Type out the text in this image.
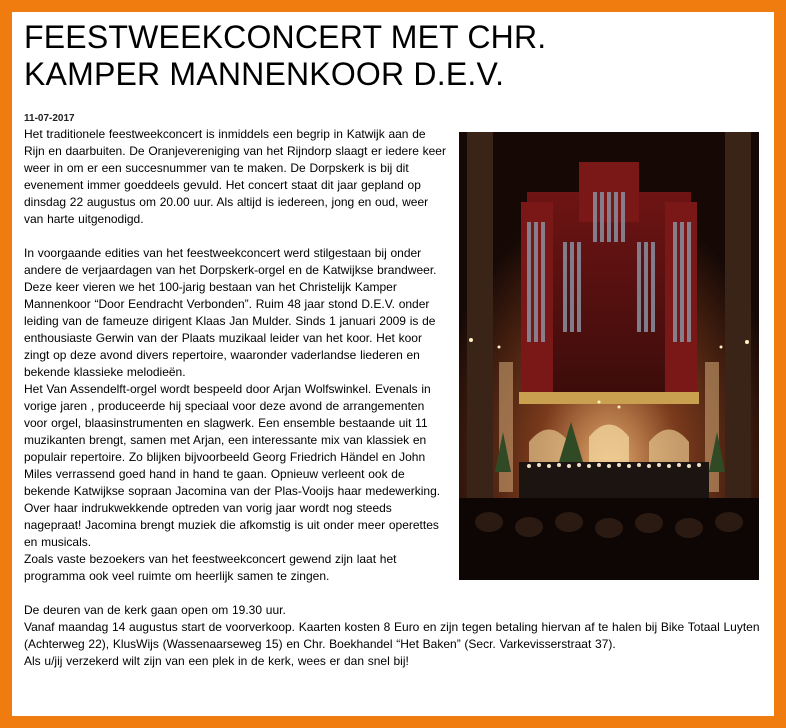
FEESTWEEKCONCERT MET CHR.
KAMPER MANNENKOOR D.E.V.
11-07-2017

Het traditionele feestweekconcert is inmiddels een begrip in Katwijk aan de Rijn en daarbuiten. De Oranjevereniging van het Rijndorp slaagt er iedere keer weer in om er een succesnummer van te maken. De Dorpskerk is bij dit evenement immer goeddeels gevuld. Het concert staat dit jaar gepland op dinsdag 22 augustus om 20.00 uur. Als altijd is iedereen, jong en oud, weer van harte uitgenodigd.

In voorgaande edities van het feestweekconcert werd stilgestaan bij onder andere de verjaardagen van het Dorpskerk-orgel en de Katwijkse brandweer.

Deze keer vieren we het 100-jarig bestaan van het Christelijk Kamper Mannenkoor “Door Eendracht Verbonden”. Ruim 48 jaar stond D.E.V. onder leiding van de fameuze dirigent Klaas Jan Mulder. Sinds 1 januari 2009 is de enthousiaste Gerwin van der Plaats muzikaal leider van het koor. Het koor zingt op deze avond divers repertoire, waaronder vaderlandse liederen en bekende klassieke melodieën.

Het Van Assendelft-orgel wordt bespeeld door Arjan Wolfswinkel. Evenals in vorige jaren , produceerde hij speciaal voor deze avond de arrangementen voor orgel, blaasinstrumenten en slagwerk. Een ensemble bestaande uit 11 muzikanten brengt, samen met Arjan, een interessante mix van klassiek en populair repertoire. Zo blijken bijvoorbeeld Georg Friedrich Händel en John Miles verrassend goed hand in hand te gaan. Opnieuw verleent ook de bekende Katwijkse sopraan Jacomina van der Plas-Vooijs haar medewerking. Over haar indrukwekkende optreden van vorig jaar wordt nog steeds nagepraat! Jacomina brengt muziek die afkomstig is uit onder meer operettes en musicals.

Zoals vaste bezoekers van het feestweekconcert gewend zijn laat het programma ook veel ruimte om heerlijk samen te zingen.

De deuren van de kerk gaan open om 19.30 uur.

Vanaf maandag 14 augustus start de voorverkoop. Kaarten kosten 8 Euro en zijn tegen betaling hiervan af te halen bij Bike Totaal Luyten (Achterweg 22), KlusWijs (Wassenaarseweg 15) en Chr. Boekhandel “Het Baken” (Secr. Varkevisserstraat 37).

Als u/jij verzekerd wilt zijn van een plek in de kerk, wees er dan snel bij!
